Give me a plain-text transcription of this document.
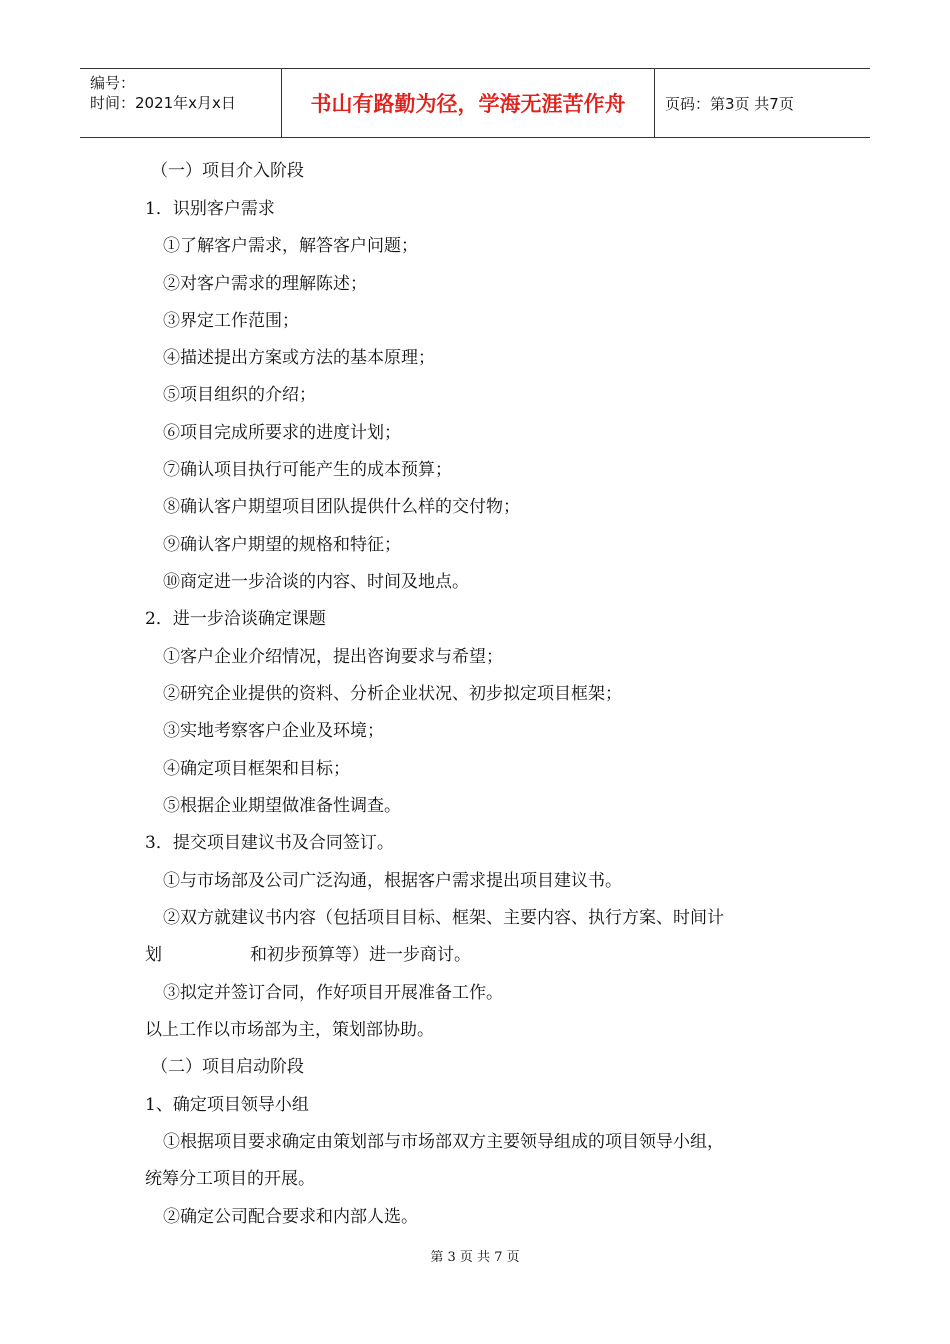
编号：
时间：2021年x月x日	书山有路勤为径，学海无涯苦作舟	页码：第3页 共7页
（一）项目介入阶段
1．识别客户需求
①了解客户需求，解答客户问题；
②对客户需求的理解陈述；
③界定工作范围；
④描述提出方案或方法的基本原理；
⑤项目组织的介绍；
⑥项目完成所要求的进度计划；
⑦确认项目执行可能产生的成本预算；
⑧确认客户期望项目团队提供什么样的交付物；
⑨确认客户期望的规格和特征；
⑩商定进一步洽谈的内容、时间及地点。
2．进一步洽谈确定课题
①客户企业介绍情况，提出咨询要求与希望；
②研究企业提供的资料、分析企业状况、初步拟定项目框架；
③实地考察客户企业及环境；
④确定项目框架和目标；
⑤根据企业期望做准备性调查。
3．提交项目建议书及合同签订。
①与市场部及公司广泛沟通，根据客户需求提出项目建议书。
②双方就建议书内容（包括项目目标、框架、主要内容、执行方案、时间计
划	和初步预算等）进一步商讨。
③拟定并签订合同，作好项目开展准备工作。
以上工作以市场部为主，策划部协助。
（二）项目启动阶段
1、确定项目领导小组
①根据项目要求确定由策划部与市场部双方主要领导组成的项目领导小组，
统筹分工项目的开展。
②确定公司配合要求和内部人选。
第 3 页 共 7 页
